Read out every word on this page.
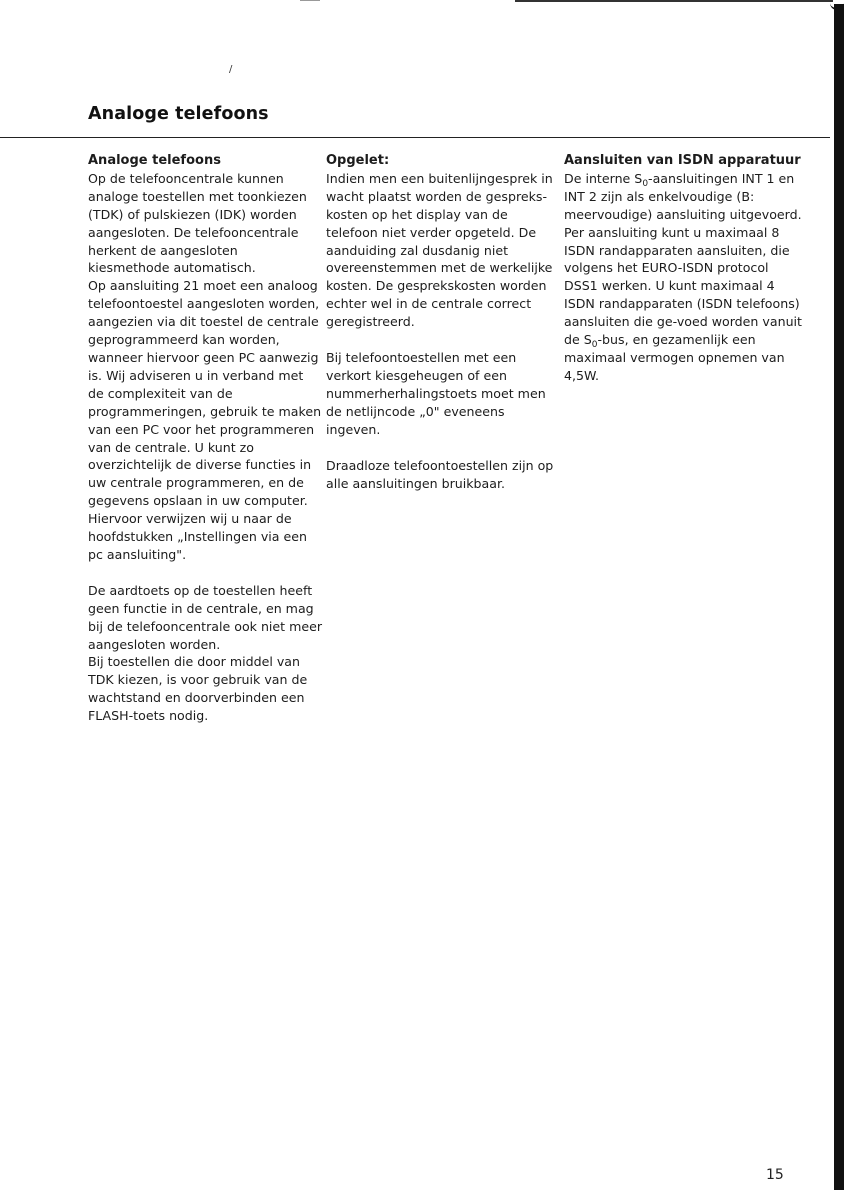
/
Analoge telefoons
Analoge telefoons

Op de telefooncentrale kunnen analoge toestellen met toonkiezen (TDK) of pulskiezen (IDK) worden aangesloten. De telefooncentrale herkent de aangesloten kiesmethode automatisch.

Op aansluiting 21 moet een analoog telefoontoestel aangesloten worden, aangezien via dit toestel de centrale geprogrammeerd kan worden, wanneer hiervoor geen PC aanwezig is. Wij adviseren u in verband met de complexiteit van de programmeringen, gebruik te maken van een PC voor het programmeren van de centrale. U kunt zo overzichtelijk de diverse functies in uw centrale programmeren, en de gegevens opslaan in uw computer. Hiervoor verwijzen wij u naar de hoofdstukken „Instellingen via een pc aansluiting".

De aardtoets op de toestellen heeft geen functie in de centrale, en mag bij de telefooncentrale ook niet meer aangesloten worden.

Bij toestellen die door middel van TDK kiezen, is voor gebruik van de wachtstand en doorverbinden een FLASH-toets nodig.

Opgelet:

Indien men een buitenlijngesprek in wacht plaatst worden de gespreks-kosten op het display van de telefoon niet verder opgeteld. De aanduiding zal dusdanig niet overeenstemmen met de werkelijke kosten. De gesprekskosten worden echter wel in de centrale correct geregistreerd.

Bij telefoontoestellen met een verkort kiesgeheugen of een nummerherhalingstoets moet men de netlijncode „0" eveneens ingeven.

Draadloze telefoontoestellen zijn op alle aansluitingen bruikbaar.

Aansluiten van ISDN apparatuur

De interne $S_0$-aansluitingen INT 1 en INT 2 zijn als enkelvoudige (B: meervoudige) aansluiting uitgevoerd. Per aansluiting kunt u maximaal 8 ISDN randapparaten aansluiten, die volgens het EURO-ISDN protocol DSS1 werken. U kunt maximaal 4 ISDN randapparaten (ISDN telefoons) aansluiten die ge-voed worden vanuit de $S_0$-bus, en gezamenlijk een maximaal vermogen opnemen van 4,5W.

15
